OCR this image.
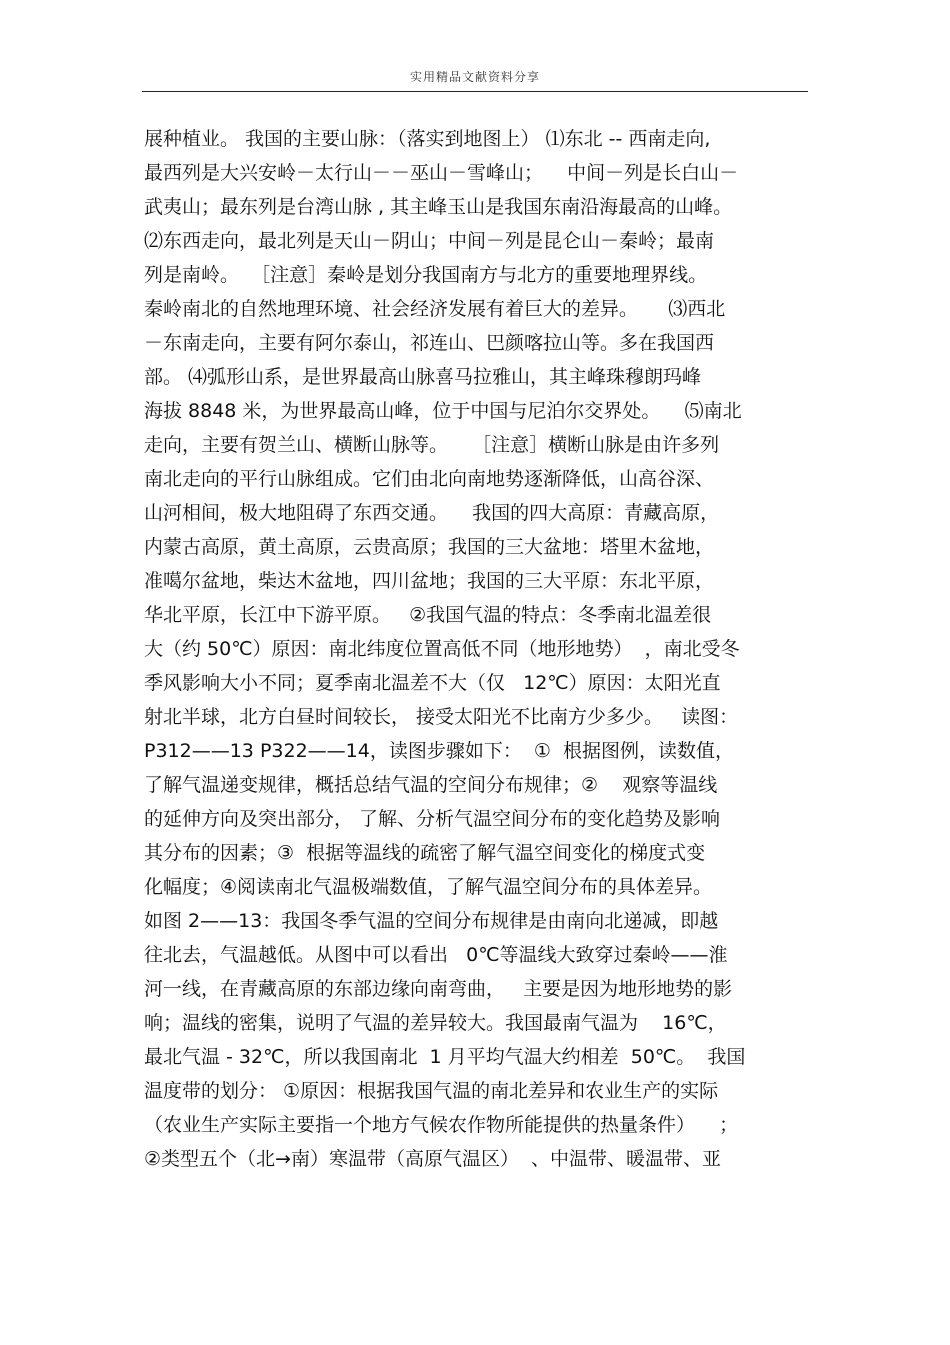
实用精品文献资料分享
展种植业。 我国的主要山脉：（落实到地图上） ⑴东北 -- 西南走向,
最西列是大兴安岭－太行山－－巫山－雪峰山；    中间－列是长白山－
武夷山；最东列是台湾山脉 , 其主峰玉山是我国东南沿海最高的山峰。
⑵东西走向，最北列是天山－阴山；中间－列是昆仑山－秦岭；最南
列是南岭。  ［注意］秦岭是划分我国南方与北方的重要地理界线。
秦岭南北的自然地理环境、社会经济发展有着巨大的差异。     ⑶西北
－东南走向，主要有阿尔泰山，祁连山、巴颜喀拉山等。多在我国西
部。 ⑷弧形山系，是世界最高山脉喜马拉雅山，其主峰珠穆朗玛峰
海拔 8848 米，为世界最高山峰，位于中国与尼泊尔交界处。    ⑸南北
走向，主要有贺兰山、横断山脉等。    ［注意］横断山脉是由许多列
南北走向的平行山脉组成。它们由北向南地势逐渐降低，山高谷深、
山河相间，极大地阻碍了东西交通。    我国的四大高原：青藏高原，
内蒙古高原，黄土高原，云贵高原；我国的三大盆地：塔里木盆地，
准噶尔盆地，柴达木盆地，四川盆地；我国的三大平原：东北平原，
华北平原，长江中下游平原。   ②我国气温的特点：冬季南北温差很
大（约 50℃）原因：南北纬度位置高低不同（地形地势）  ，南北受冬
季风影响大小不同；夏季南北温差不大（仅   12℃）原因：太阳光直
射北半球，北方白昼时间较长， 接受太阳光不比南方少多少。   读图：
P312——13 P322——14，读图步骤如下：  ①  根据图例，读数值，
了解气温递变规律，概括总结气温的空间分布规律；②    观察等温线
的延伸方向及突出部分， 了解、分析气温空间分布的变化趋势及影响
其分布的因素；③  根据等温线的疏密了解气温空间变化的梯度式变
化幅度；④阅读南北气温极端数值，了解气温空间分布的具体差异。
如图 2——13：我国冬季气温的空间分布规律是由南向北递减，即越
往北去，气温越低。从图中可以看出   0℃等温线大致穿过秦岭——淮
河一线，在青藏高原的东部边缘向南弯曲，   主要是因为地形地势的影
响；温线的密集，说明了气温的差异较大。我国最南气温为    16℃，
最北气温 - 32℃，所以我国南北  1 月平均气温大约相差  50℃。  我国
温度带的划分： ①原因：根据我国气温的南北差异和农业生产的实际
（农业生产实际主要指一个地方气候农作物所能提供的热量条件）    ；
②类型五个（北→南）寒温带（高原气温区）  、中温带、暖温带、亚
